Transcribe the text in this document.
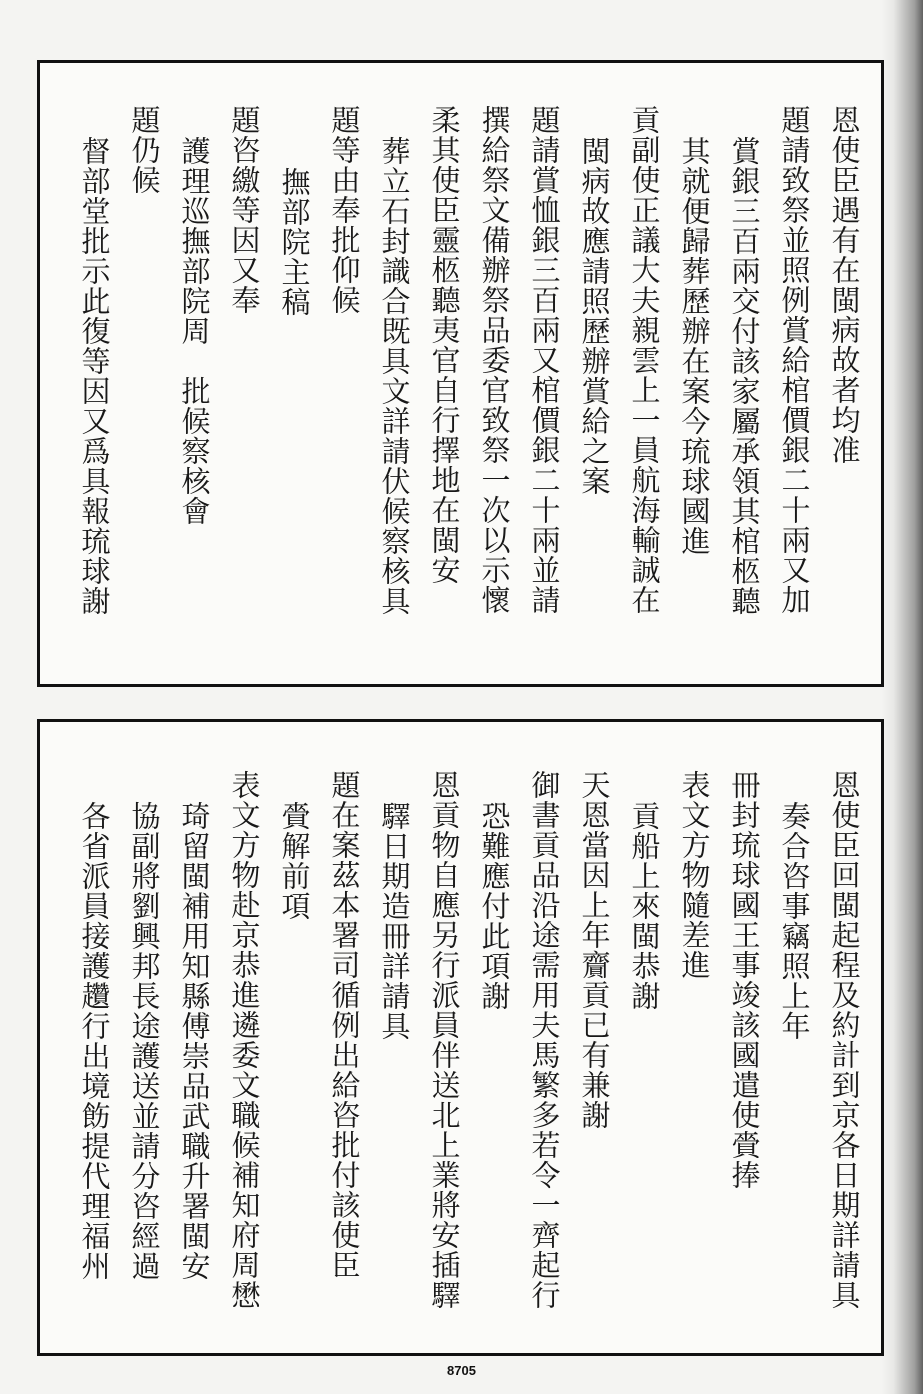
恩使臣遇有在閩病故者均准
題請致祭並照例賞給棺價銀二十兩又加
賞銀三百兩交付該家屬承領其棺柩聽
其就便歸葬歷辦在案今琉球國進
貢副使正議大夫親雲上一員航海輸誠在
閩病故應請照歷辦賞給之案
題請賞恤銀三百兩又棺價銀二十兩並請
撰給祭文備辦祭品委官致祭一次以示懷
柔其使臣靈柩聽夷官自行擇地在閩安
葬立石封識合既具文詳請伏候察核具
題等由奉批仰候
撫部院主稿
題咨繳等因又奉
護理巡撫部院周　批候察核會
題仍候
督部堂批示此復等因又爲具報琉球謝
恩使臣回閩起程及約計到京各日期詳請具
奏合咨事竊照上年
冊封琉球國王事竣該國遣使賫捧
表文方物隨差進
貢船上來閩恭謝
天恩當因上年齎貢已有兼謝
御書貢品沿途需用夫馬繁多若令一齊起行
恐難應付此項謝
恩貢物自應另行派員伴送北上業將安插驛
驛日期造冊詳請具
題在案茲本署司循例出給咨批付該使臣
賫解前項
表文方物赴京恭進遴委文職候補知府周懋
琦留閩補用知縣傅崇品武職升署閩安
協副將劉興邦長途護送並請分咨經過
各省派員接護趲行出境飭提代理福州
8705
